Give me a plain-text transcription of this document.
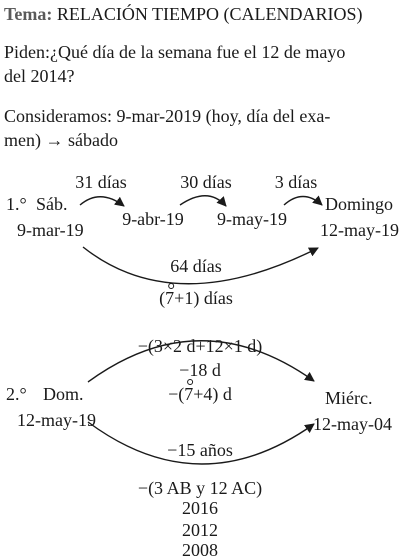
Tema: RELACIÓN TIEMPO (CALENDARIOS)
Piden:¿Qué día de la semana fue el 12 de mayo
del 2014?
Consideramos: 9-mar-2019 (hoy, día del exa-
men) → sábado
1.° Sáb.
9-mar-19
31 días
9-abr-19
30 días
9-may-19
3 días
Domingo
12-may-19
64 días
(7+1) días
−(3×2 d+12×1 d)
−18 d
−(7+4) d
2.° Dom.
12-may-19
Miérc.
12-may-04
−15 años
−(3 AB y 12 AC)
2016
2012
2008
